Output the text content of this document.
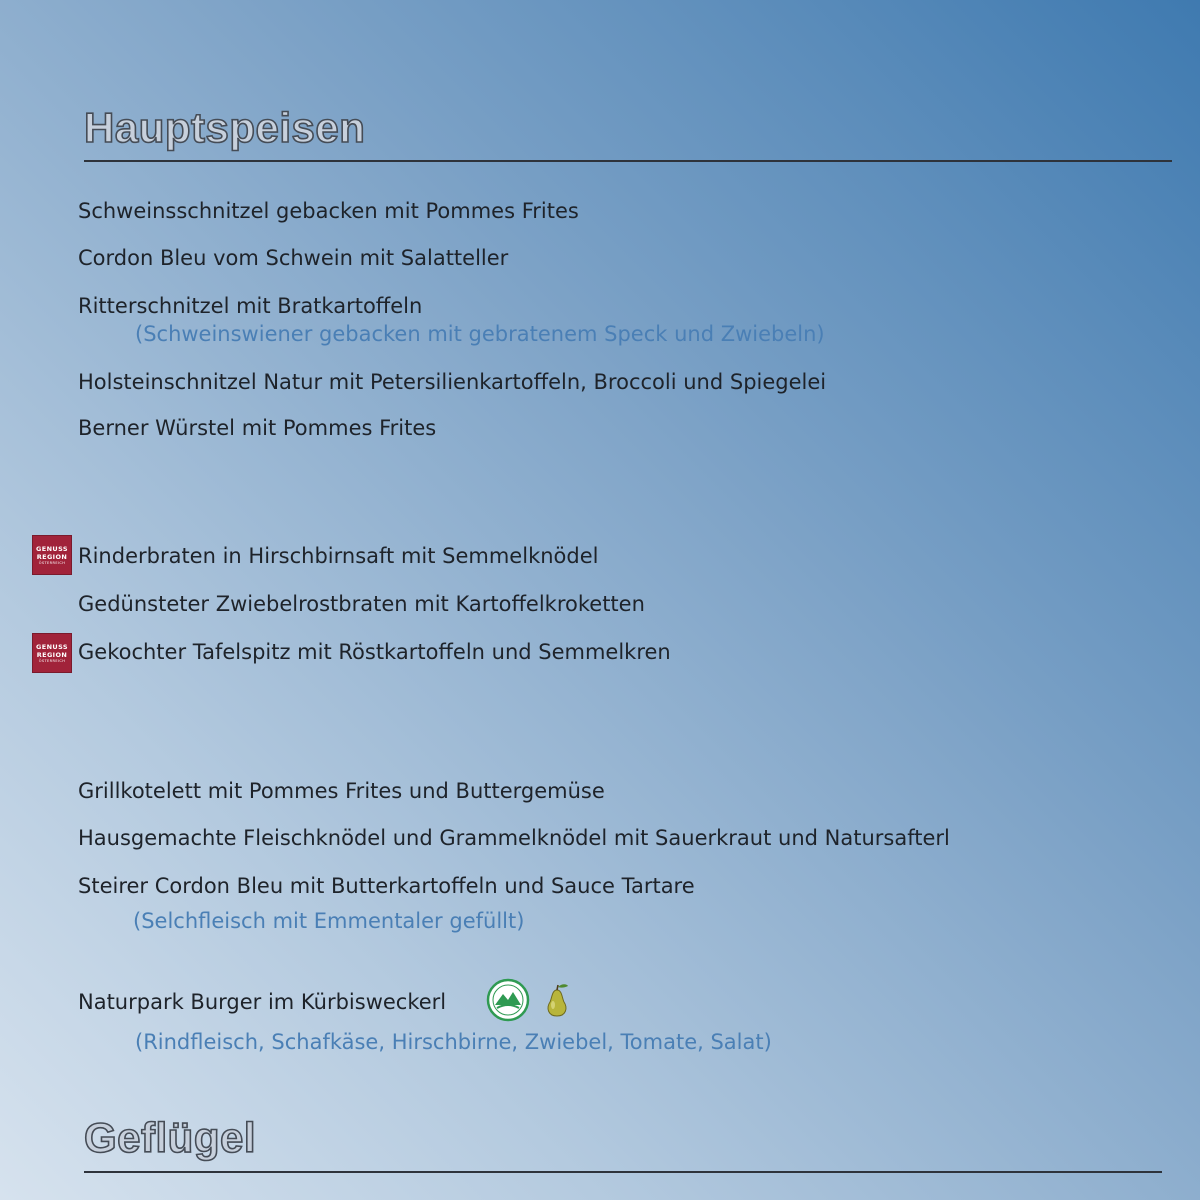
Hauptspeisen
Schweinsschnitzel gebacken mit Pommes Frites
Cordon Bleu vom Schwein mit Salatteller
Ritterschnitzel mit Bratkartoffeln
(Schweinswiener gebacken mit gebratenem Speck und Zwiebeln)
Holsteinschnitzel Natur mit Petersilienkartoffeln, Broccoli und Spiegelei
Berner Würstel mit Pommes Frites
GENUSS
REGION
ÖSTERREICH Rinderbraten in Hirschbirnsaft mit Semmelknödel
Gedünsteter Zwiebelrostbraten mit Kartoffelkroketten
GENUSS
REGION
ÖSTERREICH Gekochter Tafelspitz mit Röstkartoffeln und Semmelkren
Grillkotelett mit Pommes Frites und Buttergemüse
Hausgemachte Fleischknödel und Grammelknödel mit Sauerkraut und Natursafterl
Steirer Cordon Bleu mit Butterkartoffeln und Sauce Tartare
(Selchfleisch mit Emmentaler gefüllt)
Naturpark Burger im Kürbisweckerl
(Rindfleisch, Schafkäse, Hirschbirne, Zwiebel, Tomate, Salat)
Geflügel
